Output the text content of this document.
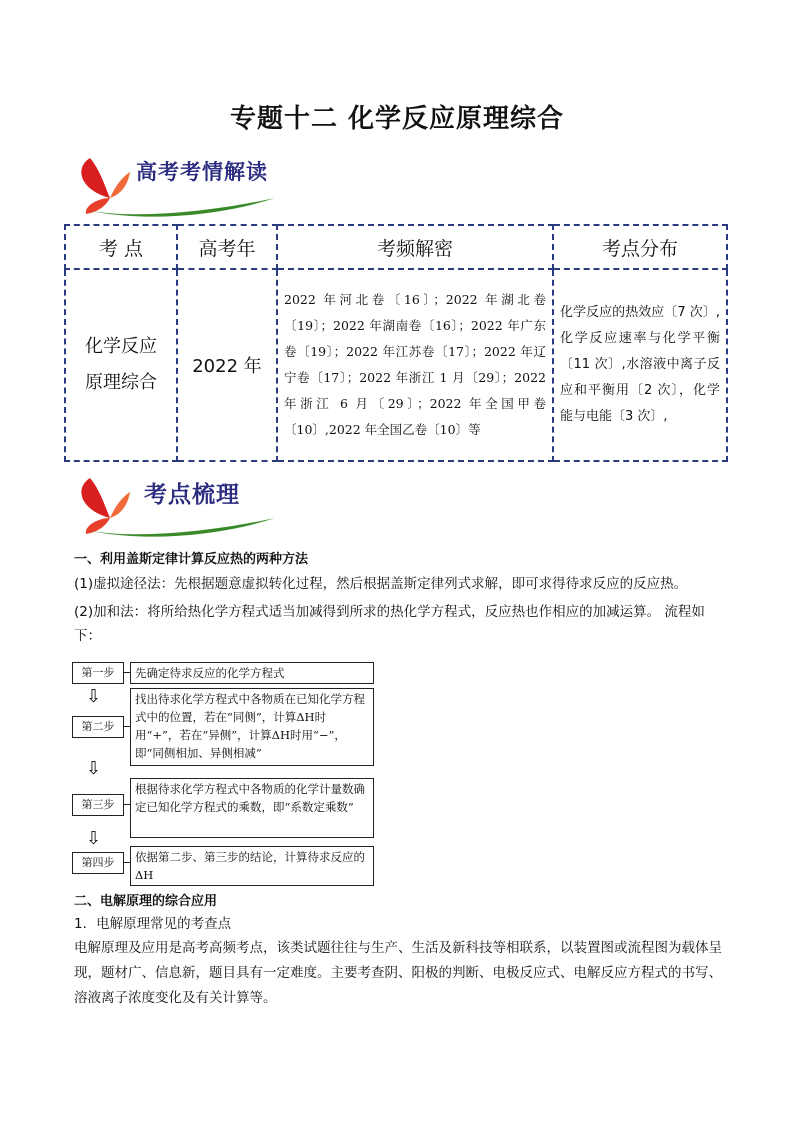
专题十二 化学反应原理综合
高考考情解读
考 点	高考年	考频解密	考点分布
化学反应
原理综合	2022 年	2022 年河北卷〔16〕；2022 年湖北卷〔19〕；2022 年湖南卷〔16〕；2022 年广东卷〔19〕；2022 年江苏卷〔17〕；2022 年辽宁卷〔17〕；2022 年浙江 1 月〔29〕；2022 年浙江 6 月〔29〕；2022 年全国甲卷〔10〕,2022 年全国乙卷〔10〕等	化学反应的热效应〔7 次〕,化学反应速率与化学平衡〔11 次〕,水溶液中离子反应和平衡用〔2 次〕，化学能与电能〔3 次〕,
考点梳理
一、利用盖斯定律计算反应热的两种方法
(1)虚拟途径法：先根据题意虚拟转化过程，然后根据盖斯定律列式求解，即可求得待求反应的反应热。
(2)加和法：将所给热化学方程式适当加减得到所求的热化学方程式，反应热也作相应的加减运算。 流程如下：
第一步	先确定待求反应的化学方程式
⇩
第二步
找出待求化学方程式中各物质在已知化学方程式中的位置，若在“同侧”，计算ΔH时用“+”，若在“异侧”，计算ΔH时用“−”，即“同侧相加、异侧相减”
⇩
第三步
根据待求化学方程式中各物质的化学计量数确定已知化学方程式的乘数，即“系数定乘数”
⇩
第四步	依据第二步、第三步的结论，计算待求反应的ΔH
二、电解原理的综合应用
1．电解原理常见的考查点
电解原理及应用是高考高频考点，该类试题往往与生产、生活及新科技等相联系，以装置图或流程图为载体呈现，题材广、信息新，题目具有一定难度。主要考查阴、阳极的判断、电极反应式、电解反应方程式的书写、溶液离子浓度变化及有关计算等。
